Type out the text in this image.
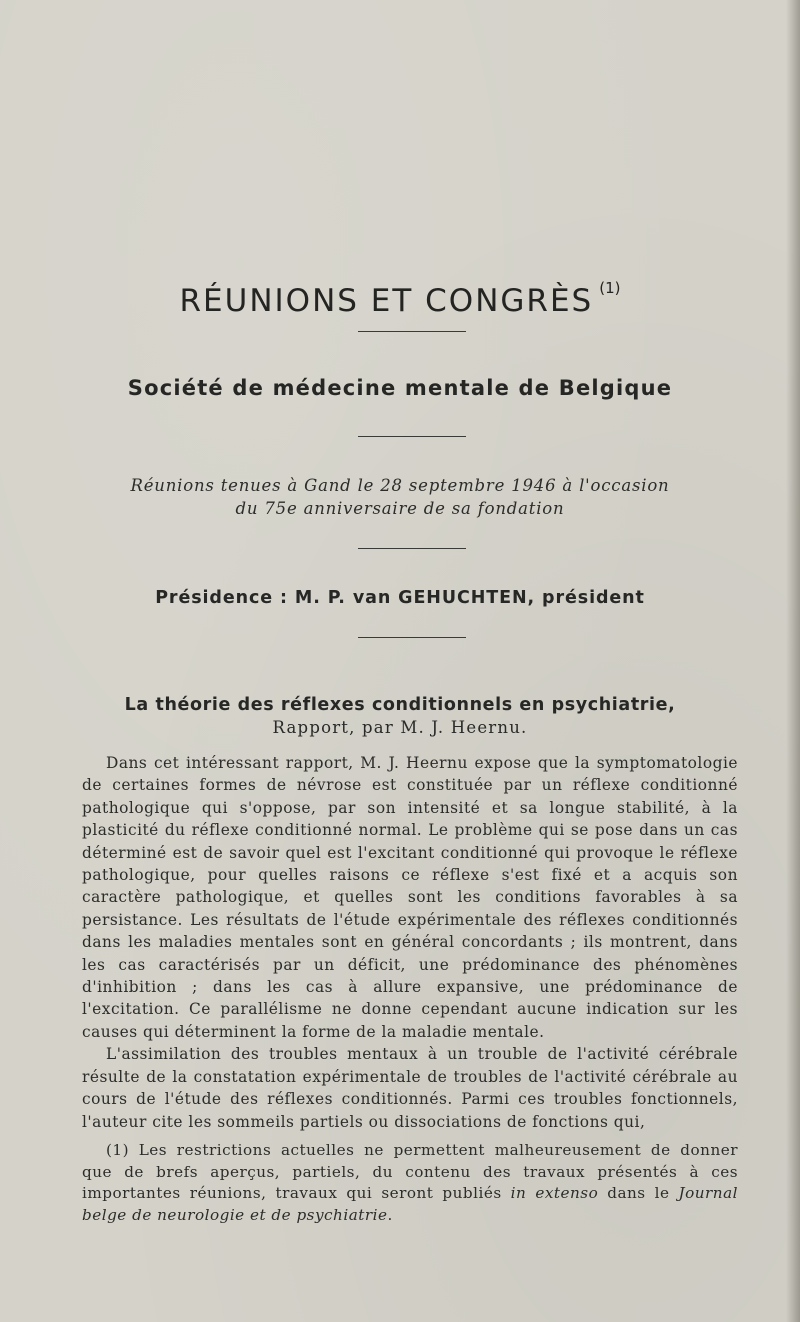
RÉUNIONS ET CONGRÈS $^{(1)}$
Société de médecine mentale de Belgique
Réunions tenues à Gand le 28 septembre 1946 à l'occasion
du 75e anniversaire de sa fondation
Présidence : M. P. van GEHUCHTEN, président
La théorie des réflexes conditionnels en psychiatrie,
Rapport, par M. J. Heernu.

Dans cet intéressant rapport, M. J. Heernu expose que la symptomatologie de certaines formes de névrose est constituée par un réflexe conditionné pathologique qui s'oppose, par son intensité et sa longue stabilité, à la plasticité du réflexe conditionné normal. Le problème qui se pose dans un cas déterminé est de savoir quel est l'excitant conditionné qui provoque le réflexe pathologique, pour quelles raisons ce réflexe s'est fixé et a acquis son caractère pathologique, et quelles sont les conditions favorables à sa persistance. Les résultats de l'étude expérimentale des réflexes conditionnés dans les maladies mentales sont en général concordants ; ils montrent, dans les cas caractérisés par un déficit, une prédominance des phénomènes d'inhibition ; dans les cas à allure expansive, une prédominance de l'excitation. Ce parallélisme ne donne cependant aucune indication sur les causes qui déterminent la forme de la maladie mentale.

L'assimilation des troubles mentaux à un trouble de l'activité cérébrale résulte de la constatation expérimentale de troubles de l'activité cérébrale au cours de l'étude des réflexes conditionnés. Parmi ces troubles fonctionnels, l'auteur cite les sommeils partiels ou dissociations de fonctions qui,

(1) Les restrictions actuelles ne permettent malheureusement de donner que de brefs aperçus, partiels, du contenu des travaux présentés à ces importantes réunions, travaux qui seront publiés in extenso dans le Journal belge de neurologie et de psychiatrie.
